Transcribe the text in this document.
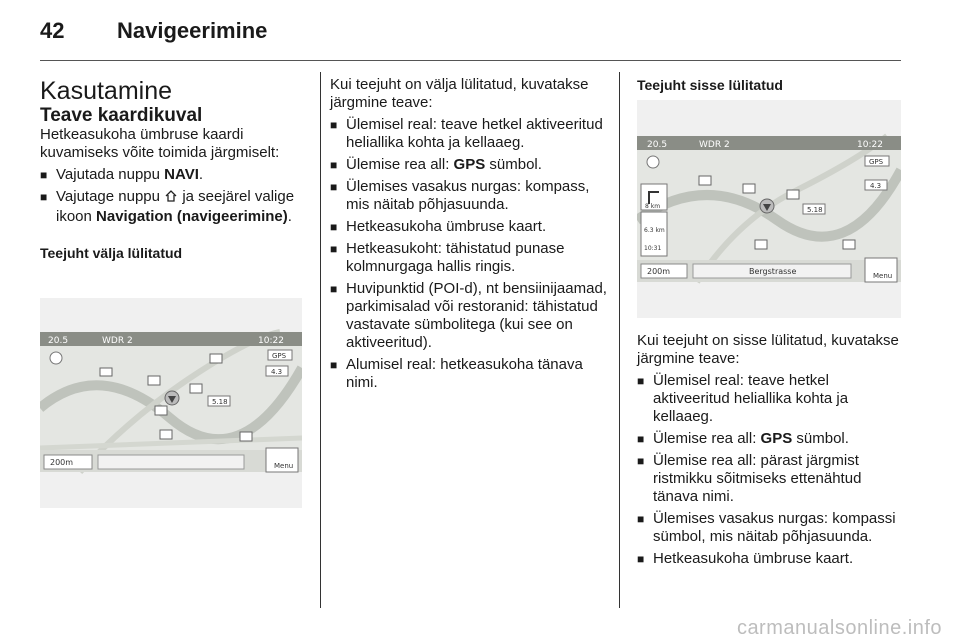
42 Navigeerimine
Kasutamine
Teave kaardikuval

Hetkeasukoha ümbruse kaardi kuvamiseks võite toimida järgmiselt:

■ Vajutada nuppu NAVI.
■ Vajutage nuppu  ja seejärel valige ikoon Navigation (navigeerimine).

Teejuht välja lülitatud

20.5	WDR 2	10:22
GPS
4.3
5.18
200m	Menu

Kui teejuht on välja lülitatud, kuvatakse järgmine teave:

■ Ülemisel real: teave hetkel aktiveeritud heliallika kohta ja kellaaeg.
■ Ülemise rea all: GPS sümbol.
■ Ülemises vasakus nurgas: kompass, mis näitab põhjasuunda.
■ Hetkeasukoha ümbruse kaart.
■ Hetkeasukoht: tähistatud punase kolmnurgaga hallis ringis.
■ Huvipunktid (POI-d), nt bensiinijaamad, parkimisalad või restoranid: tähistatud vastavate sümbolitega (kui see on aktiveeritud).
■ Alumisel real: hetkeasukoha tänava nimi.

Teejuht sisse lülitatud

20.5	WDR 2	10:22
GPS
4.3
5.18
8 km
6.3 km
10:31
200m	Bergstrasse	Menu

Kui teejuht on sisse lülitatud, kuvatakse järgmine teave:

■ Ülemisel real: teave hetkel aktiveeritud heliallika kohta ja kellaaeg.
■ Ülemise rea all: GPS sümbol.
■ Ülemise rea all: pärast järgmist ristmikku sõitmiseks ettenähtud tänava nimi.
■ Ülemises vasakus nurgas: kompassi sümbol, mis näitab põhjasuunda.
■ Hetkeasukoha ümbruse kaart.
carmanualsonline.info
